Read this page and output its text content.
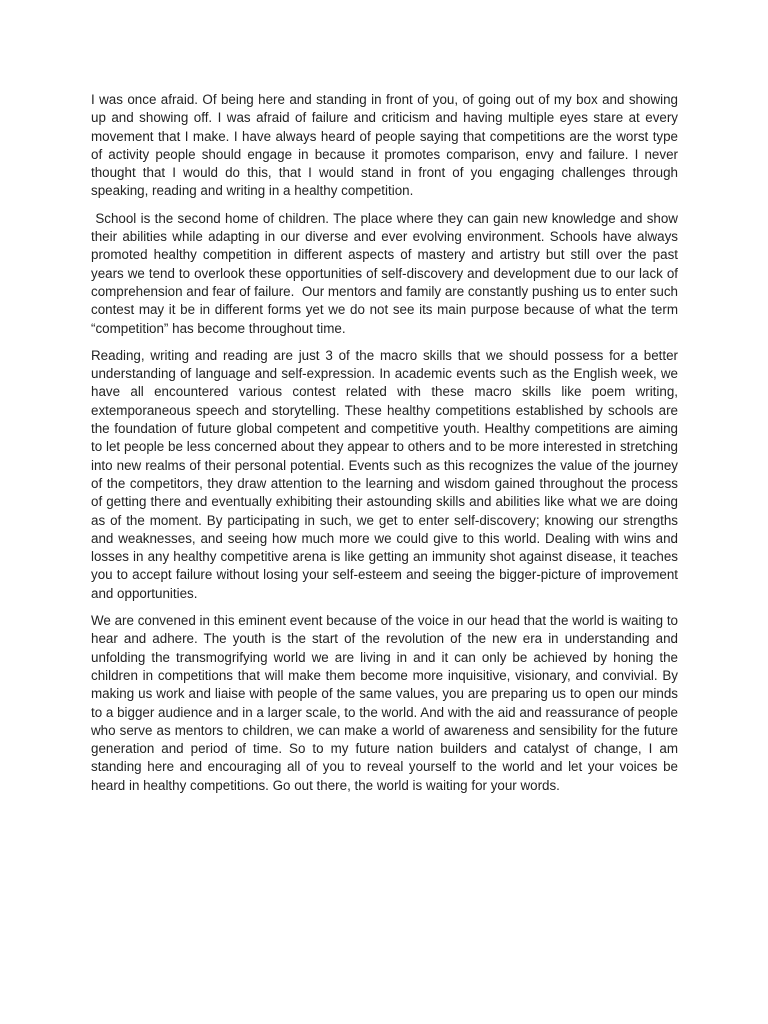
I was once afraid. Of being here and standing in front of you, of going out of my box and showing up and showing off. I was afraid of failure and criticism and having multiple eyes stare at every movement that I make. I have always heard of people saying that competitions are the worst type of activity people should engage in because it promotes comparison, envy and failure. I never thought that I would do this, that I would stand in front of you engaging challenges through speaking, reading and writing in a healthy competition.

School is the second home of children. The place where they can gain new knowledge and show their abilities while adapting in our diverse and ever evolving environment. Schools have always promoted healthy competition in different aspects of mastery and artistry but still over the past years we tend to overlook these opportunities of self-discovery and development due to our lack of comprehension and fear of failure.  Our mentors and family are constantly pushing us to enter such contest may it be in different forms yet we do not see its main purpose because of what the term “competition” has become throughout time.

Reading, writing and reading are just 3 of the macro skills that we should possess for a better understanding of language and self-expression. In academic events such as the English week, we have all encountered various contest related with these macro skills like poem writing, extemporaneous speech and storytelling. These healthy competitions established by schools are the foundation of future global competent and competitive youth. Healthy competitions are aiming to let people be less concerned about they appear to others and to be more interested in stretching into new realms of their personal potential. Events such as this recognizes the value of the journey of the competitors, they draw attention to the learning and wisdom gained throughout the process of getting there and eventually exhibiting their astounding skills and abilities like what we are doing as of the moment. By participating in such, we get to enter self-discovery; knowing our strengths and weaknesses, and seeing how much more we could give to this world. Dealing with wins and losses in any healthy competitive arena is like getting an immunity shot against disease, it teaches you to accept failure without losing your self-esteem and seeing the bigger-picture of improvement and opportunities.

We are convened in this eminent event because of the voice in our head that the world is waiting to hear and adhere. The youth is the start of the revolution of the new era in understanding and unfolding the transmogrifying world we are living in and it can only be achieved by honing the children in competitions that will make them become more inquisitive, visionary, and convivial. By making us work and liaise with people of the same values, you are preparing us to open our minds to a bigger audience and in a larger scale, to the world. And with the aid and reassurance of people who serve as mentors to children, we can make a world of awareness and sensibility for the future generation and period of time. So to my future nation builders and catalyst of change, I am standing here and encouraging all of you to reveal yourself to the world and let your voices be heard in healthy competitions. Go out there, the world is waiting for your words.
